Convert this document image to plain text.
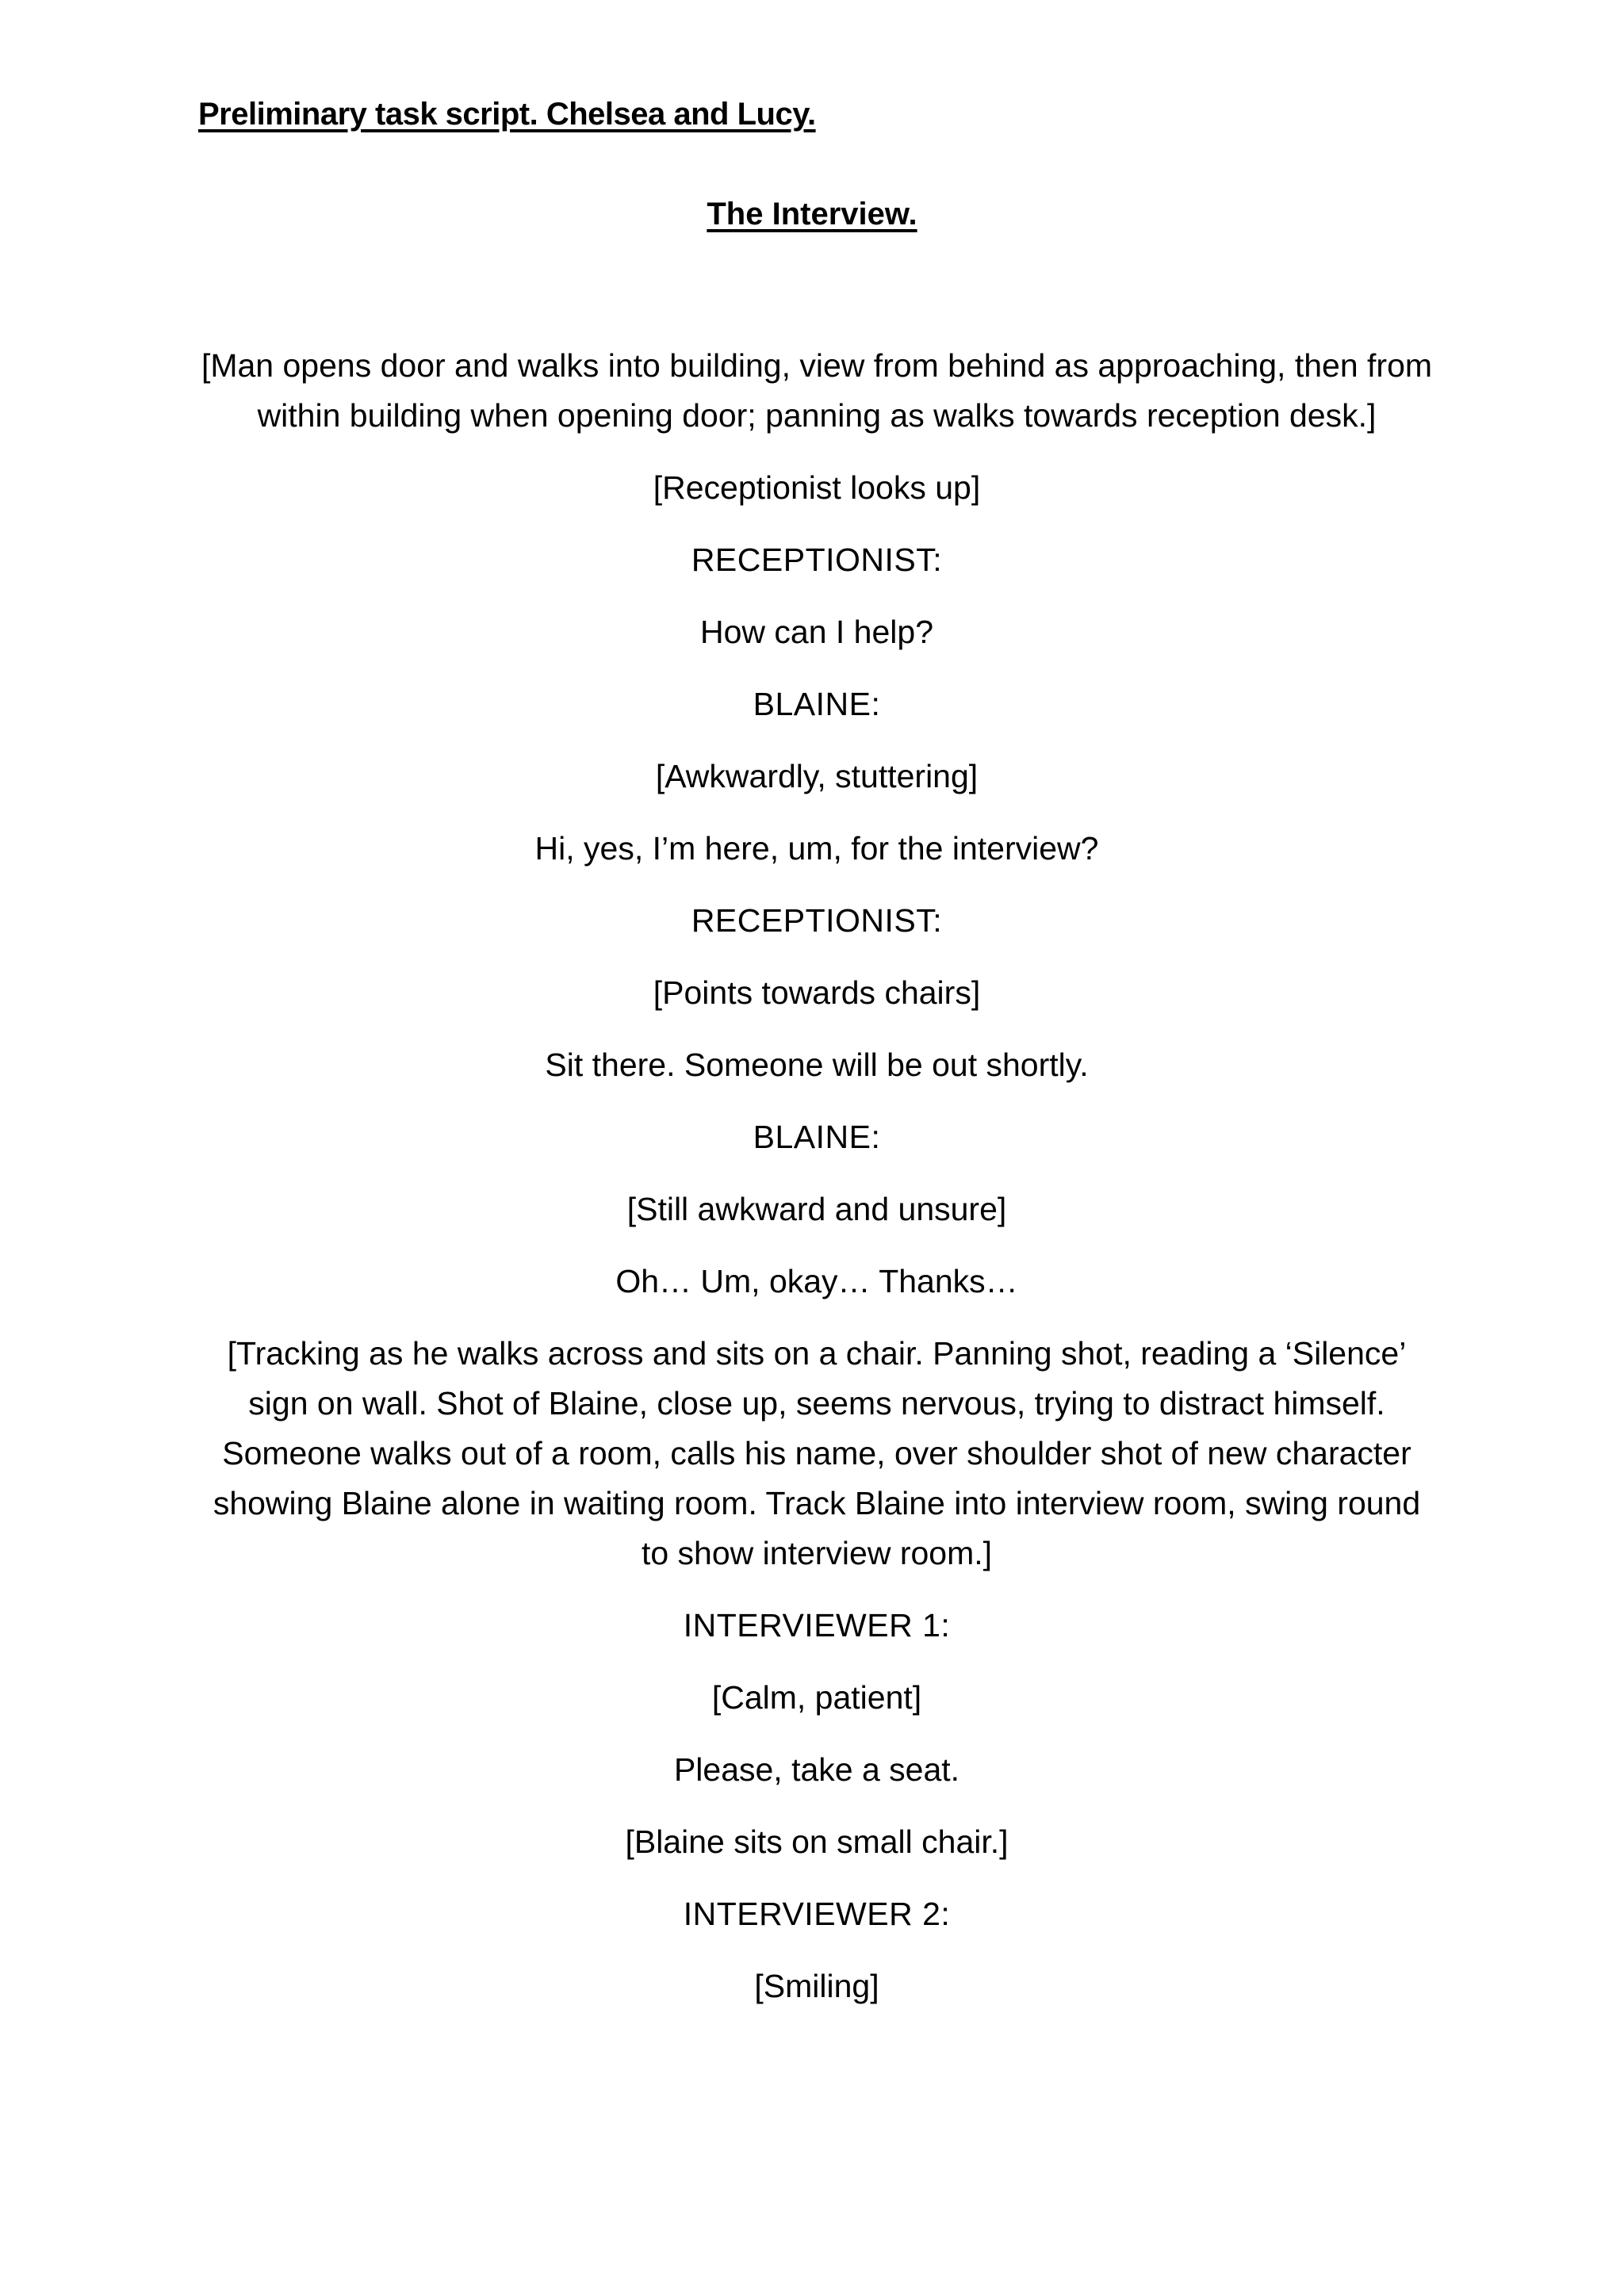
Preliminary task script. Chelsea and Lucy.
The Interview.

[Man opens door and walks into building, view from behind as approaching, then from within building when opening door; panning as walks towards reception desk.]

[Receptionist looks up]

RECEPTIONIST:

How can I help?

BLAINE:

[Awkwardly, stuttering]

Hi, yes, I’m here, um, for the interview?

RECEPTIONIST:

[Points towards chairs]

Sit there. Someone will be out shortly.

BLAINE:

[Still awkward and unsure]

Oh… Um, okay… Thanks…

[Tracking as he walks across and sits on a chair. Panning shot, reading a ‘Silence’ sign on wall. Shot of Blaine, close up, seems nervous, trying to distract himself. Someone walks out of a room, calls his name, over shoulder shot of new character showing Blaine alone in waiting room. Track Blaine into interview room, swing round to show interview room.]

INTERVIEWER 1:

[Calm, patient]

Please, take a seat.

[Blaine sits on small chair.]

INTERVIEWER 2:

[Smiling]
